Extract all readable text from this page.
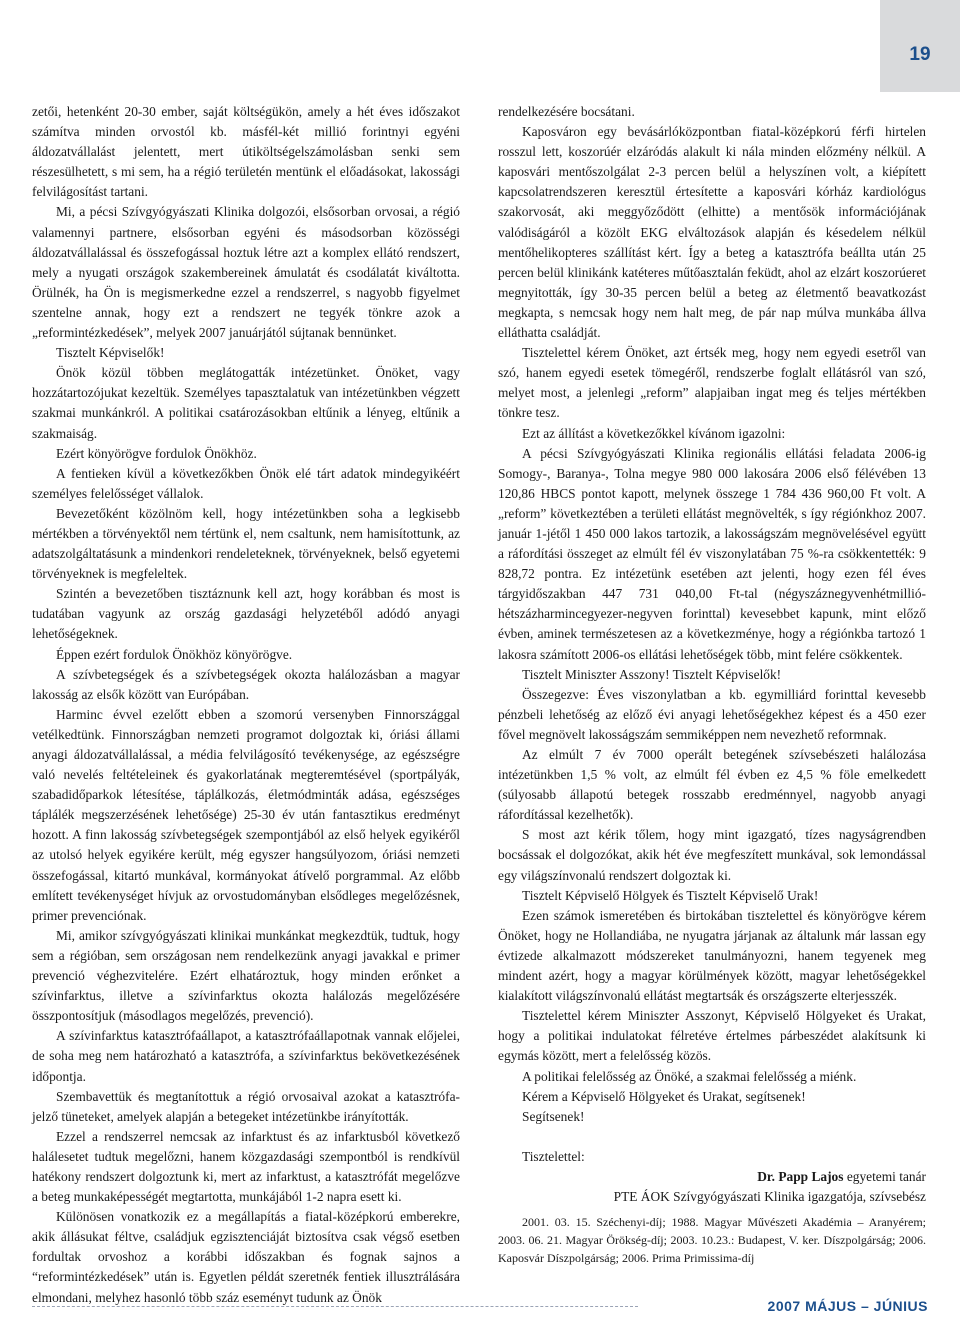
19

zetői, hetenként 20-30 ember, saját költségükön, amely a hét éves időszakot számítva minden orvostól kb. másfél-két millió forintnyi egyéni áldozatvállalást jelentett, mert útiköltségelszámolásban senki sem részesülhetett, s mi sem, ha a régió területén mentünk el előadásokat, lakossági felvilágosítást tartani.

Mi, a pécsi Szívgyógyászati Klinika dolgozói, elsősorban orvosai, a régió valamennyi partnere, elsősorban egyéni és másodsorban közösségi áldozatvállalással és összefogással hoztuk létre azt a komplex ellátó rendszert, mely a nyugati országok szakembereinek ámulatát és csodálatát kiváltotta. Örülnék, ha Ön is megismerkedne ezzel a rendszerrel, s nagyobb figyelmet szentelne annak, hogy ezt a rendszert ne tegyék tönkre azok a „reformintézkedések”, melyek 2007 januárjától sújtanak bennünket.

Tisztelt Képviselők!

Önök közül többen meglátogatták intézetünket. Önöket, vagy hozzátartozójukat kezeltük. Személyes tapasztalatuk van intézetünkben végzett szakmai munkánkról. A politikai csatározásokban eltűnik a lényeg, eltűnik a szakmaiság.

Ezért könyörögve fordulok Önökhöz.

A fentieken kívül a következőkben Önök elé tárt adatok mindegyikéért személyes felelősséget vállalok.

Bevezetőként közölnöm kell, hogy intézetünkben soha a legkisebb mértékben a törvényektől nem tértünk el, nem csaltunk, nem hamisítottunk, az adatszolgáltatásunk a mindenkori rendeleteknek, törvényeknek, belső egyetemi törvényeknek is megfeleltek.

Szintén a bevezetőben tisztáznunk kell azt, hogy korábban és most is tudatában vagyunk az ország gazdasági helyzetéből adódó anyagi lehetőségeknek.

Éppen ezért fordulok Önökhöz könyörögve.

A szívbetegségek és a szívbetegségek okozta halálozásban a magyar lakosság az elsők között van Európában.

Harminc évvel ezelőtt ebben a szomorú versenyben Finnországgal vetélkedtünk. Finnországban nemzeti programot dolgoztak ki, óriási állami anyagi áldozatvállalással, a média felvilágosító tevékenysége, az egészségre való nevelés feltételeinek és gyakorlatának megteremtésével (sportpályák, szabadidőparkok létesítése, táplálkozás, életmódminták adása, egészséges táplálék megszerzésének lehetősége) 25-30 év után fantasztikus eredményt hozott. A finn lakosság szívbetegségek szempontjából az első helyek egyikéről az utolsó helyek egyikére került, még egyszer hangsúlyozom, óriási nemzeti összefogással, kitartó munkával, kormányokat átívelő porgrammal. Az előbb említett tevékenységet hívjuk az orvostudományban elsődleges megelőzésnek, primer prevenciónak.

Mi, amikor szívgyógyászati klinikai munkánkat megkezdtük, tudtuk, hogy sem a régióban, sem országosan nem rendelkezünk anyagi javakkal e primer prevenció véghezvitelére. Ezért elhatároztuk, hogy minden erőnket a szívinfarktus, illetve a szívinfarktus okozta halálozás megelőzésére összpontosítjuk (másodlagos megelőzés, prevenció).

A szívinfarktus katasztrófaállapot, a katasztrófaállapotnak vannak előjelei, de soha meg nem határozható a katasztrófa, a szívinfarktus bekövetkezésének időpontja.

Szembavettük és megtanítottuk a régió orvosaival azokat a katasztrófa-jelző tüneteket, amelyek alapján a betegeket intézetünkbe irányították.

Ezzel a rendszerrel nemcsak az infarktust és az infarktusból következő halálesetet tudtuk megelőzni, hanem közgazdasági szempontból is rendkívül hatékony rendszert dolgoztunk ki, mert az infarktust, a katasztrófát megelőzve a beteg munkaképességét megtartotta, munkájából 1-2 napra esett ki.

Különösen vonatkozik ez a megállapítás a fiatal-középkorú emberekre, akik állásukat féltve, családjuk egzisztenciáját biztosítva csak végső esetben fordultak orvoshoz a korábbi időszakban és fognak sajnos a “reformintézkedések” után is. Egyetlen példát szeretnék fentiek illusztrálására elmondani, melyhez hasonló több száz eseményt tudunk az Önök

rendelkezésére bocsátani.

Kaposváron egy bevásárlóközpontban fiatal-középkorú férfi hirtelen rosszul lett, koszorúér elzáródás alakult ki nála minden előzmény nélkül. A kaposvári mentőszolgálat 2-3 percen belül a helyszínen volt, a kiépített kapcsolatrendszeren keresztül értesítette a kaposvári kórház kardiológus szakorvosát, aki meggyőződött (elhitte) a mentősök információjának valódiságáról a közölt EKG elváltozások alapján és késedelem nélkül mentőhelikopteres szállítást kért. Így a beteg a katasztrófa beállta után 25 percen belül klinikánk katéteres műtőasztalán feküdt, ahol az elzárt koszorúeret megnyitották, így 30-35 percen belül a beteg az életmentő beavatkozást megkapta, s nemcsak hogy nem halt meg, de pár nap múlva munkába állva elláthatta családját.

Tisztelettel kérem Önöket, azt értsék meg, hogy nem egyedi esetről van szó, hanem egyedi esetek tömegéről, rendszerbe foglalt ellátásról van szó, melyet most, a jelenlegi „reform” alapjaiban ingat meg és teljes mértékben tönkre tesz.

Ezt az állítást a következőkkel kívánom igazolni:

A pécsi Szívgyógyászati Klinika regionális ellátási feladata 2006-ig Somogy-, Baranya-, Tolna megye 980 000 lakosára 2006 első félévében 13 120,86 HBCS pontot kapott, melynek összege 1 784 436 960,00 Ft volt. A „reform” következtében a területi ellátást megnövelték, s így régiónkhoz 2007. január 1-jétől 1 450 000 lakos tartozik, a lakosságszám megnövelésével együtt a ráfordítási összeget az elmúlt fél év viszonylatában 75 %-ra csökkentették: 9 828,72 pontra. Ez intézetünk esetében azt jelenti, hogy ezen fél éves tárgyidőszakban 447 731 040,00 Ft-tal (négyszáznegyvenhétmillió-hétszázharmincegyezer-negyven forinttal) kevesebbet kapunk, mint előző évben, aminek természetesen az a következménye, hogy a régiónkba tartozó 1 lakosra számított 2006-os ellátási lehetőségek több, mint felére csökkentek.

Tisztelt Miniszter Asszony! Tisztelt Képviselők!

Összegezve: Éves viszonylatban a kb. egymilliárd forinttal kevesebb pénzbeli lehetőség az előző évi anyagi lehetőségekhez képest és a 450 ezer fővel megnövelt lakosságszám semmiképpen nem nevezhető reformnak.

Az elmúlt 7 év 7000 operált betegének szívsebészeti halálozása intézetünkben 1,5 % volt, az elmúlt fél évben ez 4,5 % föle emelkedett (súlyosabb állapotú betegek rosszabb eredménnyel, nagyobb anyagi ráfordítással kezelhetők).

S most azt kérik tőlem, hogy mint igazgató, tízes nagyságrendben bocsássak el dolgozókat, akik hét éve megfeszített munkával, sok lemondással egy világszínvonalú rendszert dolgoztak ki.

Tisztelt Képviselő Hölgyek és Tisztelt Képviselő Urak!

Ezen számok ismeretében és birtokában tisztelettel és könyörögve kérem Önöket, hogy ne Hollandiába, ne nyugatra járjanak az általunk már lassan egy évtizede alkalmazott módszereket tanulmányozni, hanem tegyenek meg mindent azért, hogy a magyar körülmények között, magyar lehetőségekkel kialakított világszínvonalú ellátást megtartsák és országszerte elterjesszék.

Tisztelettel kérem Miniszter Asszonyt, Képviselő Hölgyeket és Urakat, hogy a politikai indulatokat félretéve értelmes párbeszédet alakítsunk ki egymás között, mert a felelősség közös.

A politikai felelősség az Önöké, a szakmai felelősség a miénk.

Kérem a Képviselő Hölgyeket és Urakat, segítsenek!

Segítsenek!

Tisztelettel:

Dr. Papp Lajos egyetemi tanár

PTE ÁOK Szívgyógyászati Klinika igazgatója, szívsebész

2001. 03. 15. Széchenyi-díj; 1988. Magyar Művészeti Akadémia – Aranyérem; 2003. 06. 21. Magyar Örökség-díj; 2003. 10.23.: Budapest, V. ker. Díszpolgárság; 2006. Kaposvár Díszpolgárság; 2006. Prima Primissima-díj

2007 MÁJUS – JÚNIUS
